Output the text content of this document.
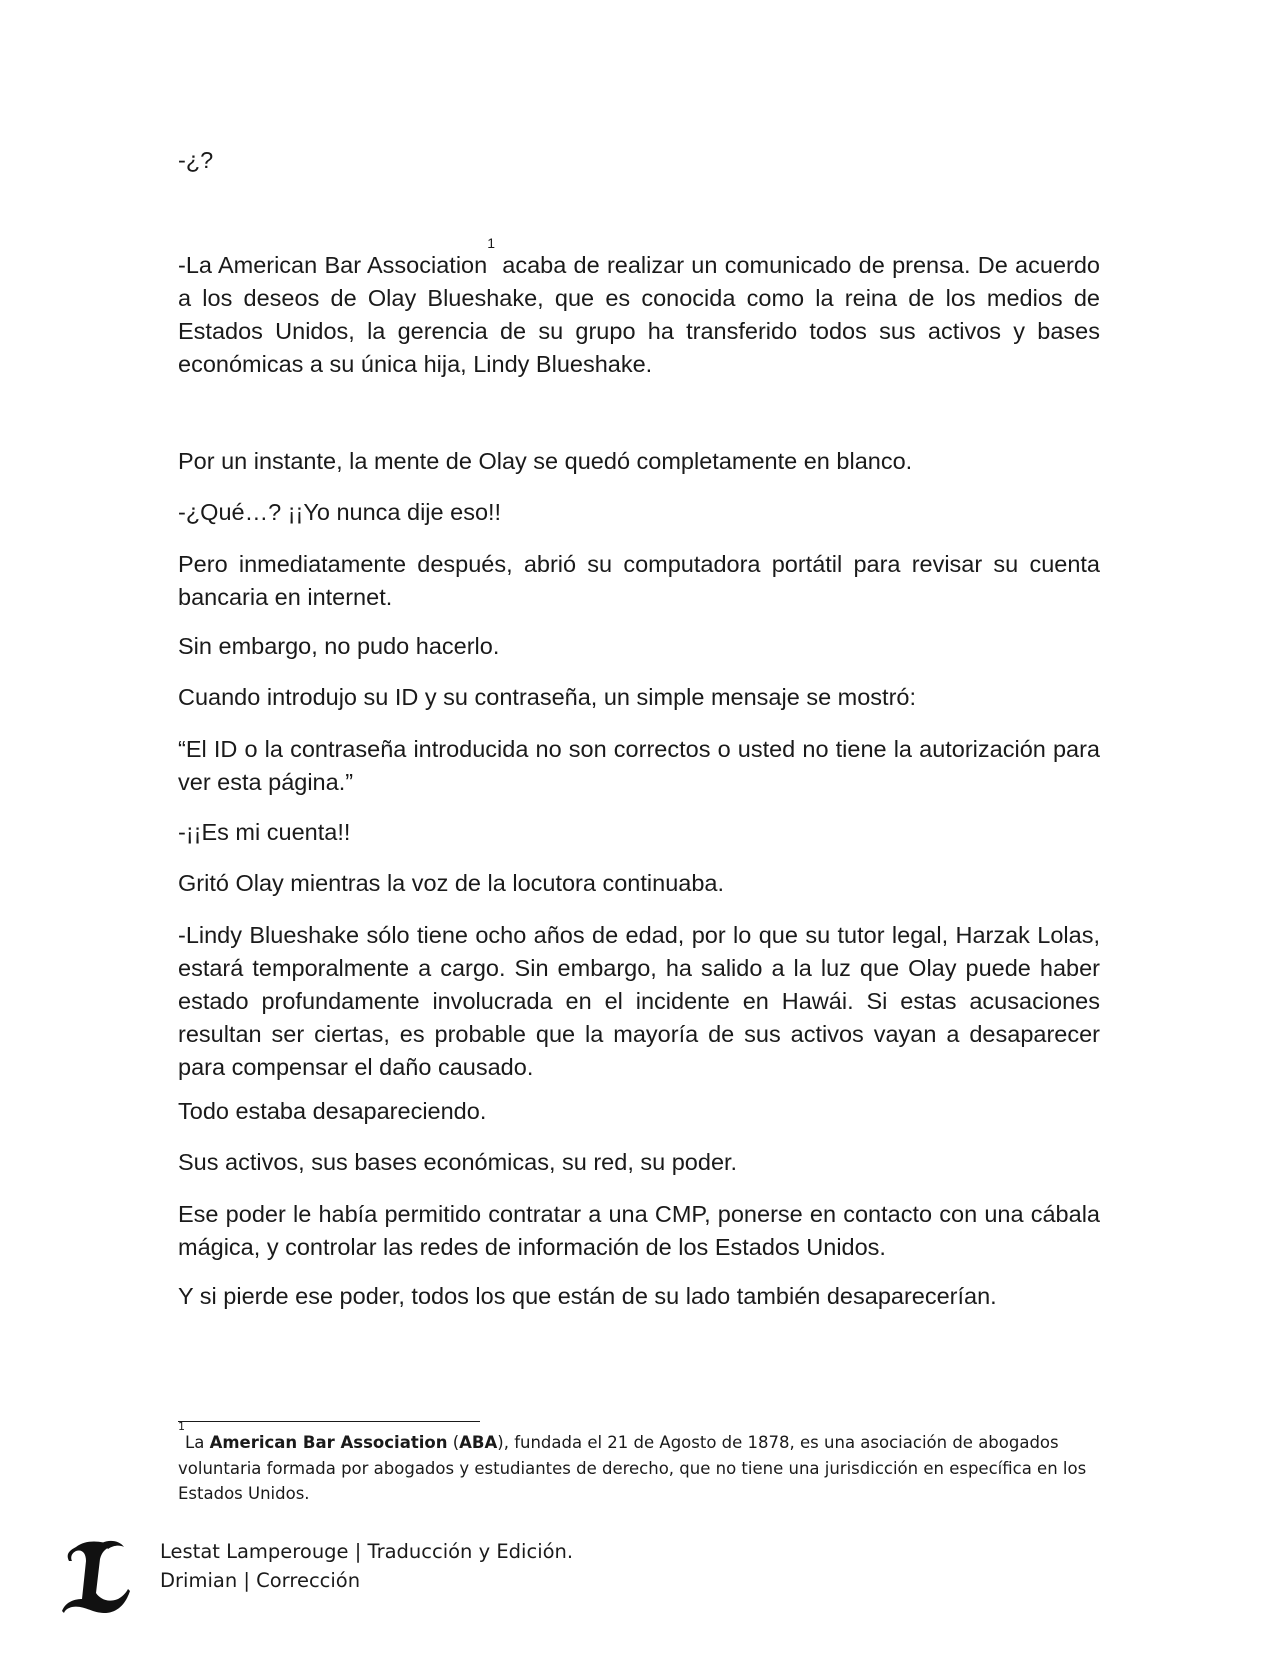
-¿?

-La American Bar Association$^1$ acaba de realizar un comunicado de prensa. De acuerdo a los deseos de Olay Blueshake, que es conocida como la reina de los medios de Estados Unidos, la gerencia de su grupo ha transferido todos sus activos y bases económicas a su única hija, Lindy Blueshake.

Por un instante, la mente de Olay se quedó completamente en blanco.

-¿Qué…? ¡¡Yo nunca dije eso!!

Pero inmediatamente después, abrió su computadora portátil para revisar su cuenta bancaria en internet.

Sin embargo, no pudo hacerlo.

Cuando introdujo su ID y su contraseña, un simple mensaje se mostró:

“El ID o la contraseña introducida no son correctos o usted no tiene la autorización para ver esta página.”

-¡¡Es mi cuenta!!

Gritó Olay mientras la voz de la locutora continuaba.

-Lindy Blueshake sólo tiene ocho años de edad, por lo que su tutor legal, Harzak Lolas, estará temporalmente a cargo. Sin embargo, ha salido a la luz que Olay puede haber estado profundamente involucrada en el incidente en Hawái. Si estas acusaciones resultan ser ciertas, es probable que la mayoría de sus activos vayan a desaparecer para compensar el daño causado.

Todo estaba desapareciendo.

Sus activos, sus bases económicas, su red, su poder.

Ese poder le había permitido contratar a una CMP, ponerse en contacto con una cábala mágica, y controlar las redes de información de los Estados Unidos.

Y si pierde ese poder, todos los que están de su lado también desaparecerían.

$^1$La American Bar Association (ABA), fundada el 21 de Agosto de 1878, es una asociación de abogados voluntaria formada por abogados y estudiantes de derecho, que no tiene una jurisdicción en específica en los Estados Unidos.

L
Lestat Lamperouge | Traducción y Edición.
Drimian | Corrección
